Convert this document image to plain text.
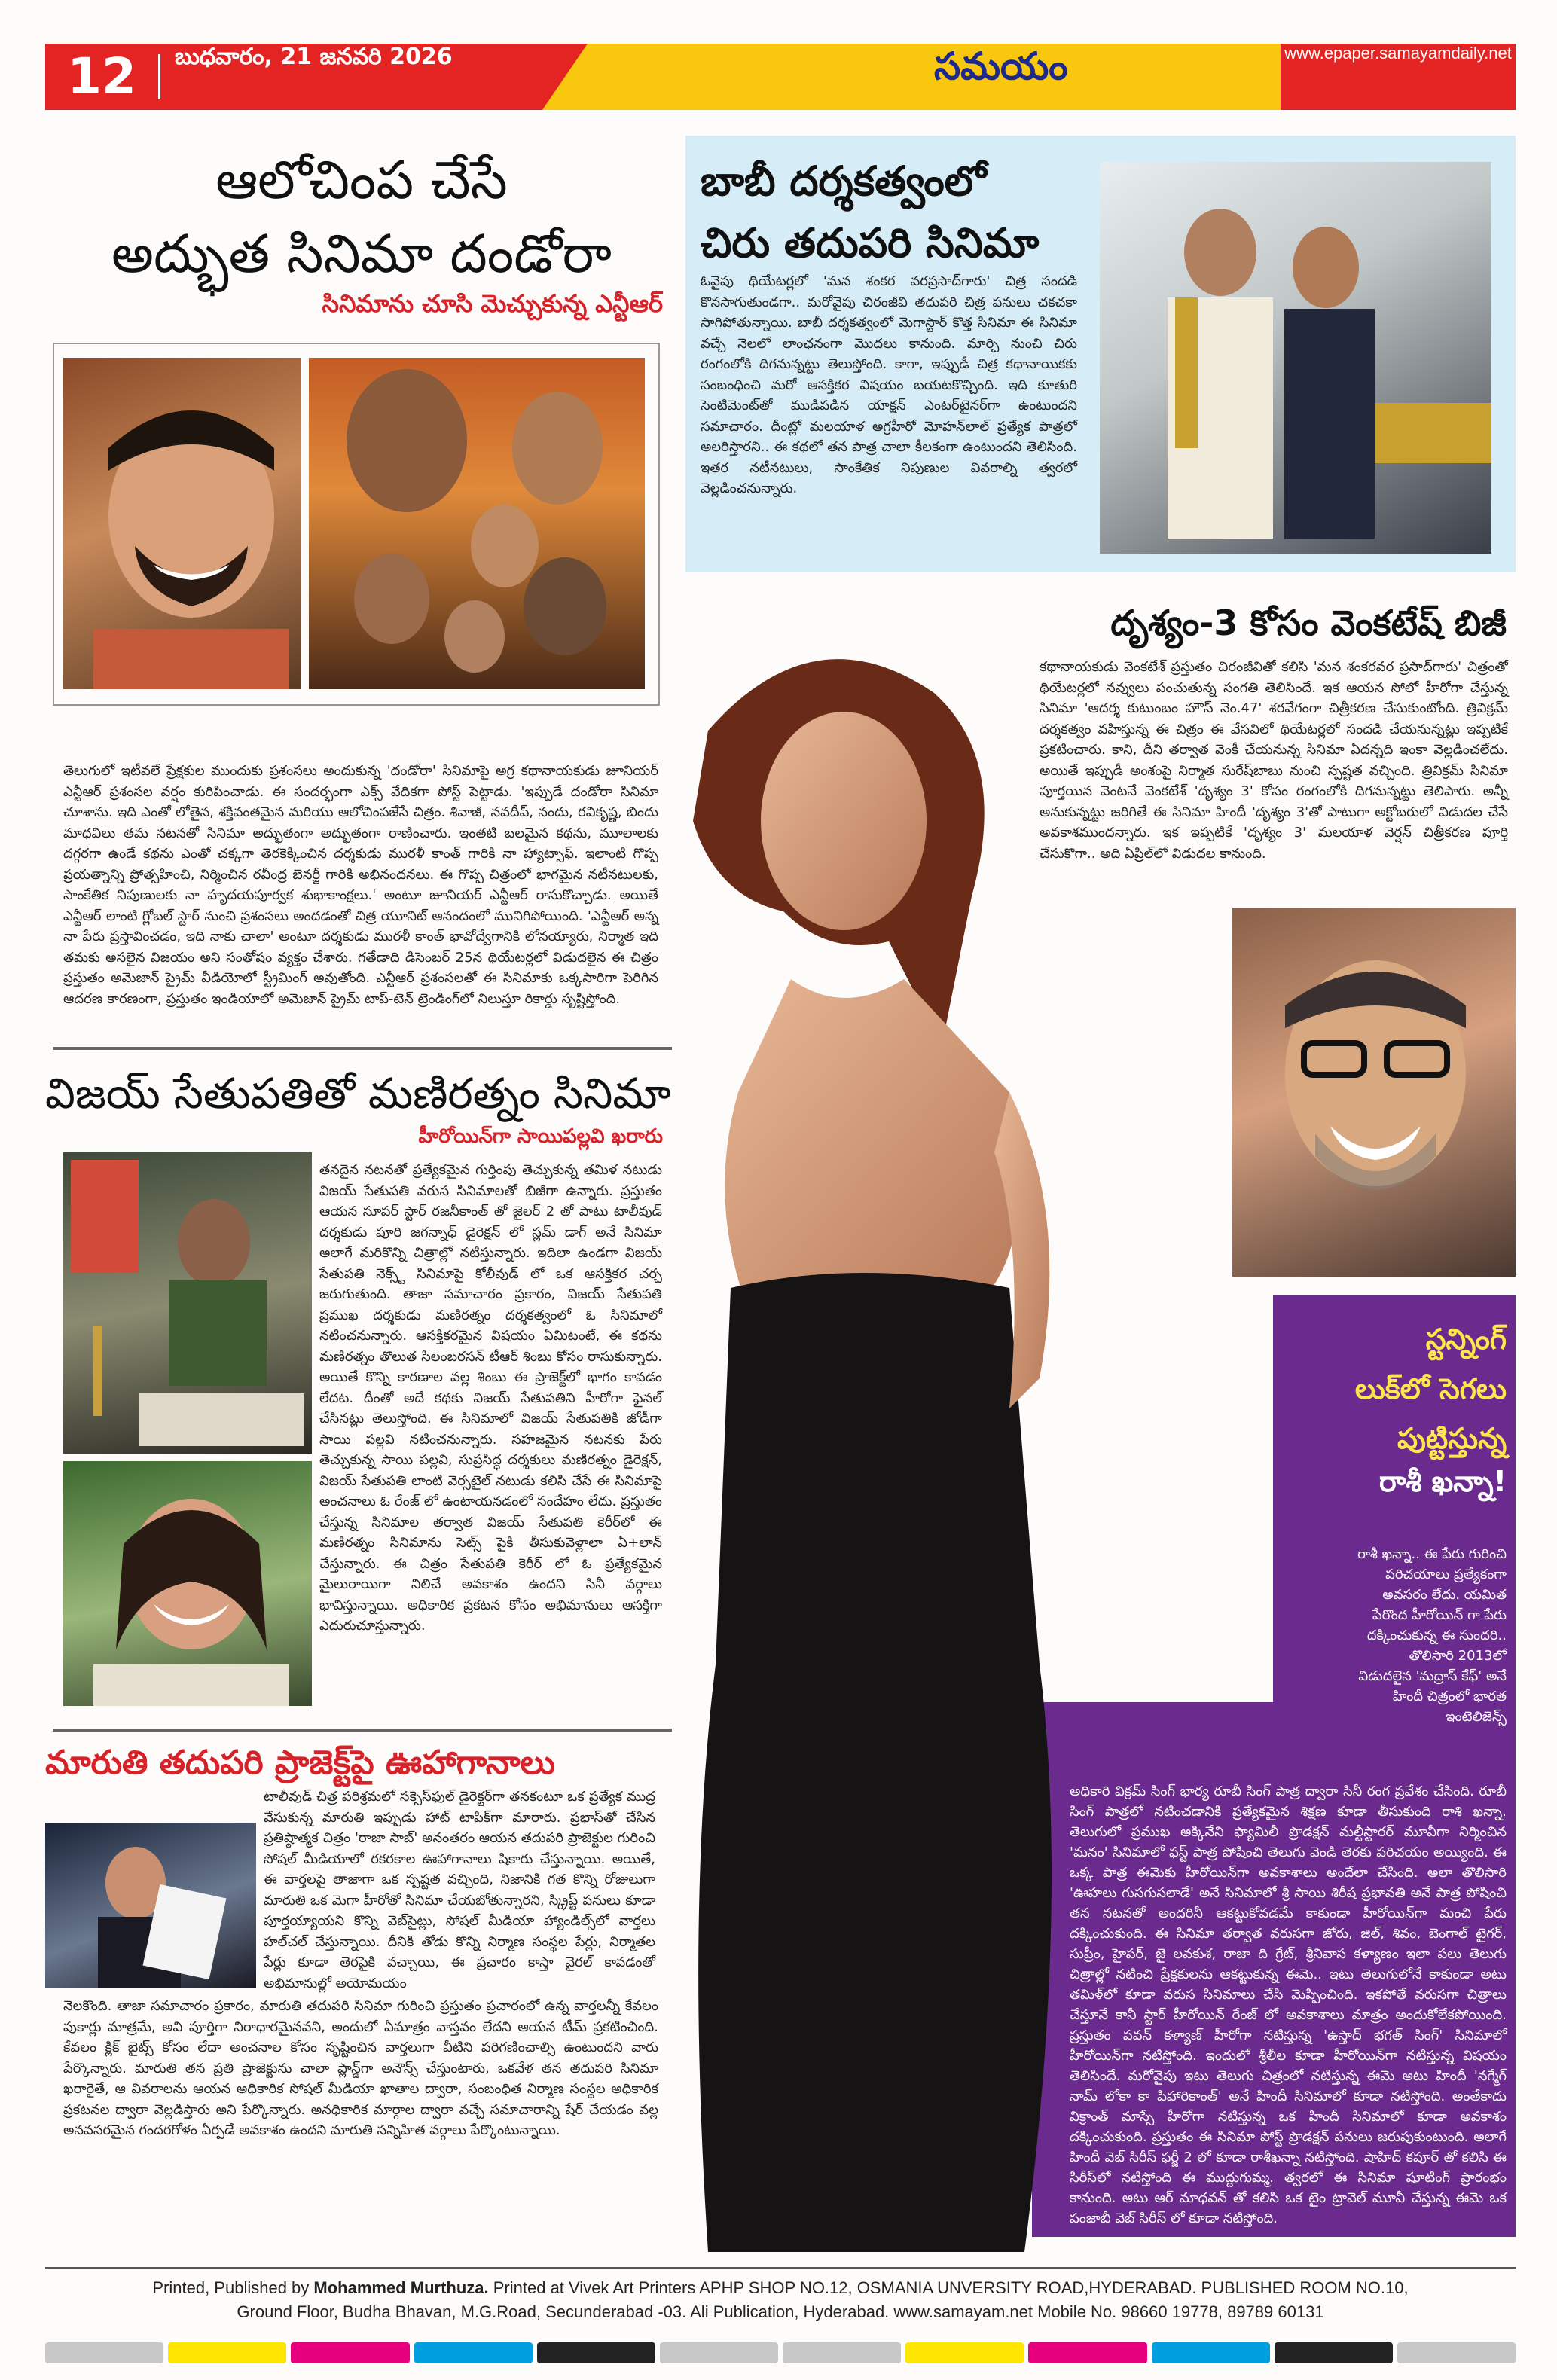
12	బుధవారం, 21 జనవరి 2026	సమయం	www.epaper.samayamdaily.net
ఆలోచింప చేసే
అద్భుత సినిమా దండోరా
సినిమాను చూసి మెచ్చుకున్న ఎన్టీఆర్
తెలుగులో ఇటీవలే ప్రేక్షకుల ముందుకు ప్రశంసలు అందుకున్న 'దండోరా' సినిమాపై అగ్ర కథానాయకుడు జూనియర్ ఎన్టీఆర్ ప్రశంసల వర్షం కురిపించాడు. ఈ సందర్భంగా ఎక్స్ వేదికగా పోస్ట్ పెట్టాడు. 'ఇప్పుడే దండోరా సినిమా చూశాను. ఇది ఎంతో లోతైన, శక్తివంతమైన మరియు ఆలోచింపజేసే చిత్రం. శివాజీ, నవదీప్, నందు, రవికృష్ణ, బిందు మాధవిలు తమ నటనతో సినిమా అద్భుతంగా అద్భుతంగా రాణించారు. ఇంతటి బలమైన కథను, మూలాలకు దగ్గరగా ఉండే కథను ఎంతో చక్కగా తెరకెక్కించిన దర్శకుడు మురళీ కాంత్ గారికి నా హ్యాట్సాఫ్. ఇలాంటి గొప్ప ప్రయత్నాన్ని ప్రోత్సహించి, నిర్మించిన రవీంద్ర బెనర్జీ గారికి అభినందనలు. ఈ గొప్ప చిత్రంలో భాగమైన నటీనటులకు, సాంకేతిక నిపుణులకు నా హృదయపూర్వక శుభాకాంక్షలు.' అంటూ జూనియర్ ఎన్టీఆర్ రాసుకొచ్చాడు. అయితే ఎన్టీఆర్ లాంటి గ్లోబల్ స్టార్ నుంచి ప్రశంసలు అందడంతో చిత్ర యూనిట్ ఆనందంలో మునిగిపోయింది. 'ఎన్టీఆర్ అన్న నా పేరు ప్రస్తావించడం, ఇది నాకు చాలా' అంటూ దర్శకుడు మురళీ కాంత్ భావోద్వేగానికి లోనయ్యారు, నిర్మాత ఇది తమకు అసలైన విజయం అని సంతోషం వ్యక్తం చేశారు. గతేడాది డిసెంబర్ 25న థియేటర్లలో విడుదలైన ఈ చిత్రం ప్రస్తుతం అమెజాన్ ప్రైమ్ వీడియోలో స్ట్రీమింగ్ అవుతోంది. ఎన్టీఆర్ ప్రశంసలతో ఈ సినిమాకు ఒక్కసారిగా పెరిగిన ఆదరణ కారణంగా, ప్రస్తుతం ఇండియాలో అమెజాన్ ప్రైమ్ టాప్-టెన్ ట్రెండింగ్‌లో నిలుస్తూ రికార్డు సృష్టిస్తోంది.
విజయ్ సేతుపతితో మణిరత్నం సినిమా
హీరోయిన్‌గా సాయిపల్లవి ఖరారు
తనదైన నటనతో ప్రత్యేకమైన గుర్తింపు తెచ్చుకున్న తమిళ నటుడు విజయ్ సేతుపతి వరుస సినిమాలతో బిజీగా ఉన్నారు. ప్రస్తుతం ఆయన సూపర్ స్టార్ రజనీకాంత్ తో జైలర్ 2 తో పాటు టాలీవుడ్ దర్శకుడు పూరి జగన్నాధ్ డైరెక్షన్ లో స్లమ్ డాగ్ అనే సినిమా అలాగే మరికొన్ని చిత్రాల్లో నటిస్తున్నారు. ఇదిలా ఉండగా విజయ్ సేతుపతి నెక్స్ట్ సినిమాపై కోలీవుడ్ లో ఒక ఆసక్తికర చర్చ జరుగుతుంది. తాజా సమాచారం ప్రకారం, విజయ్ సేతుపతి ప్రముఖ దర్శకుడు మణిరత్నం దర్శకత్వంలో ఓ సినిమాలో నటించనున్నారు. ఆసక్తికరమైన విషయం ఏమిటంటే, ఈ కథను మణిరత్నం తొలుత సిలంబరసన్ టీఆర్ శింబు కోసం రాసుకున్నారు. అయితే కొన్ని కారణాల వల్ల శింబు ఈ ప్రాజెక్ట్‌లో భాగం కావడం లేదట. దీంతో అదే కథకు విజయ్ సేతుపతిని హీరోగా ఫైనల్ చేసినట్లు తెలుస్తోంది. ఈ సినిమాలో విజయ్ సేతుపతికి జోడీగా సాయి పల్లవి నటించనున్నారు. సహజమైన నటనకు పేరు తెచ్చుకున్న సాయి పల్లవి, సుప్రసిద్ధ దర్శకులు మణిరత్నం డైరెక్షన్, విజయ్ సేతుపతి లాంటి వెర్సటైల్ నటుడు కలిసి చేసే ఈ సినిమాపై అంచనాలు ఓ రేంజ్ లో ఉంటాయనడంలో సందేహం లేదు. ప్రస్తుతం చేస్తున్న సినిమాల తర్వాత విజయ్ సేతుపతి కెరీర్‌లో ఈ మణిరత్నం సినిమాను సెట్స్ పైకి తీసుకువెళ్లాలా ఏ+లాన్ చేస్తున్నారు. ఈ చిత్రం సేతుపతి కెరీర్ లో ఓ ప్రత్యేకమైన మైలురాయిగా నిలిచే అవకాశం ఉందని సినీ వర్గాలు భావిస్తున్నాయి. అధికారిక ప్రకటన కోసం అభిమానులు ఆసక్తిగా ఎదురుచూస్తున్నారు.
మారుతి తదుపరి ప్రాజెక్ట్‌పై ఊహాగానాలు
టాలీవుడ్ చిత్ర పరిశ్రమలో సక్సెస్‌ఫుల్ డైరెక్టర్‌గా తనకంటూ ఒక ప్రత్యేక ముద్ర వేసుకున్న మారుతి ఇప్పుడు హాట్ టాపిక్‌గా మారారు. ప్రభాస్‌తో చేసిన ప్రతిష్ఠాత్మక చిత్రం 'రాజా సాబ్' అనంతరం ఆయన తదుపరి ప్రాజెక్టుల గురించి సోషల్ మీడియాలో రకరకాల ఊహాగానాలు షికారు చేస్తున్నాయి. అయితే, ఈ వార్తలపై తాజాగా ఒక స్పష్టత వచ్చింది, నిజానికి గత కొన్ని రోజులుగా మారుతి ఒక మెగా హీరోతో సినిమా చేయబోతున్నారని, స్క్రిప్ట్ పనులు కూడా పూర్తయ్యాయని కొన్ని వెబ్‌సైట్లు, సోషల్ మీడియా హ్యాండిల్స్‌లో వార్తలు హల్‌చల్ చేస్తున్నాయి. దీనికి తోడు కొన్ని నిర్మాణ సంస్థల పేర్లు, నిర్మాతల పేర్లు కూడా తెరపైకి వచ్చాయి, ఈ ప్రచారం కాస్తా వైరల్ కావడంతో అభిమానుల్లో అయోమయం
నెలకొంది. తాజా సమాచారం ప్రకారం, మారుతి తదుపరి సినిమా గురించి ప్రస్తుతం ప్రచారంలో ఉన్న వార్తలన్నీ కేవలం పుకార్లు మాత్రమే, అవి పూర్తిగా నిరాధారమైనవని, అందులో ఏమాత్రం వాస్తవం లేదని ఆయన టీమ్ ప్రకటించింది. కేవలం క్లిక్ బైట్స్ కోసం లేదా అంచనాల కోసం సృష్టించిన వార్తలుగా వీటిని పరిగణించాల్సి ఉంటుందని వారు పేర్కొన్నారు. మారుతి తన ప్రతి ప్రాజెక్టును చాలా ప్లాన్డ్‌గా అనౌన్స్ చేస్తుంటారు, ఒకవేళ తన తదుపరి సినిమా ఖరారైతే, ఆ వివరాలను ఆయన అధికారిక సోషల్ మీడియా ఖాతాల ద్వారా, సంబంధిత నిర్మాణ సంస్థల అధికారిక ప్రకటనల ద్వారా వెల్లడిస్తారు అని పేర్కొన్నారు. అనధికారిక మార్గాల ద్వారా వచ్చే సమాచారాన్ని షేర్ చేయడం వల్ల అనవసరమైన గందరగోళం ఏర్పడే అవకాశం ఉందని మారుతి సన్నిహిత వర్గాలు పేర్కొంటున్నాయి.
బాబీ దర్శకత్వంలో
చిరు తదుపరి సినిమా
ఓవైపు థియేటర్లలో 'మన శంకర వరప్రసాద్‌గారు' చిత్ర సందడి కొనసాగుతుండగా.. మరోవైపు చిరంజీవి తదుపరి చిత్ర పనులు చకచకా సాగిపోతున్నాయి. బాబీ దర్శకత్వంలో మెగాస్టార్ కొత్త సినిమా ఈ సినిమా వచ్చే నెలలో లాంఛనంగా మొదలు కానుంది. మార్చి నుంచి చిరు రంగంలోకి దిగనున్నట్టు తెలుస్తోంది. కాగా, ఇప్పుడీ చిత్ర కథానాయికకు సంబంధించి మరో ఆసక్తికర విషయం బయటకొచ్చింది. ఇది కూతురి సెంటిమెంట్‌తో ముడిపడిన యాక్షన్ ఎంటర్‌టైనర్‌గా ఉంటుందని సమాచారం. దీంట్లో మలయాళ అగ్రహీరో మోహన్‌లాల్ ప్రత్యేక పాత్రలో అలరిస్తారని.. ఈ కథలో తన పాత్ర చాలా కీలకంగా ఉంటుందని తెలిసింది. ఇతర నటీనటులు, సాంకేతిక నిపుణుల వివరాల్ని త్వరలో వెల్లడించనున్నారు.
దృశ్యం-3 కోసం వెంకటేష్ బిజీ
కథానాయకుడు వెంకటేశ్ ప్రస్తుతం చిరంజీవితో కలిసి 'మన శంకరవర ప్రసాద్‌గారు' చిత్రంతో థియేటర్లలో నవ్వులు పంచుతున్న సంగతి తెలిసిందే. ఇక ఆయన సోలో హీరోగా చేస్తున్న సినిమా 'ఆదర్శ కుటుంబం హౌస్ నెం.47' శరవేగంగా చిత్రీకరణ చేసుకుంటోంది. త్రివిక్రమ్ దర్శకత్వం వహిస్తున్న ఈ చిత్రం ఈ వేసవిలో థియేటర్లలో సందడి చేయనున్నట్లు ఇప్పటికే ప్రకటించారు. కాని, దీని తర్వాత వెంకీ చేయనున్న సినిమా ఏదన్నది ఇంకా వెల్లడించలేదు. అయితే ఇప్పుడీ అంశంపై నిర్మాత సురేష్‌బాబు నుంచి స్పష్టత వచ్చింది. త్రివిక్రమ్ సినిమా పూర్తయిన వెంటనే వెంకటేశ్ 'దృశ్యం 3' కోసం రంగంలోకి దిగనున్నట్టు తెలిపారు. అన్నీ అనుకున్నట్టు జరిగితే ఈ సినిమా హిందీ 'దృశ్యం 3'తో పాటుగా అక్టోబరులో విడుదల చేసే అవకాశముందన్నారు. ఇక ఇప్పటికే 'దృశ్యం 3' మలయాళ వెర్షన్ చిత్రీకరణ పూర్తి చేసుకొగా.. అది ఏప్రిల్‌లో విడుదల కానుంది.
స్టన్నింగ్
లుక్‌లో సెగలు
పుట్టిస్తున్న
రాశీ ఖన్నా!
రాశీ ఖన్నా.. ఈ పేరు గురించి పరిచయాలు ప్రత్యేకంగా అవసరం లేదు. యమిత పేరొంద హీరోయిన్ గా పేరు దక్కించుకున్న ఈ సుందరి.. తొలిసారి 2013లో విడుదలైన 'మద్రాస్ కేఫ్' అనే హిందీ చిత్రంలో భారత ఇంటెలిజెన్స్
అధికారి విక్రమ్ సింగ్ భార్య రూబీ సింగ్ పాత్ర ద్వారా సినీ రంగ ప్రవేశం చేసింది. రూబీ సింగ్ పాత్రలో నటించడానికి ప్రత్యేకమైన శిక్షణ కూడా తీసుకుంది రాశి ఖన్నా. తెలుగులో ప్రముఖ అక్కినేని ఫ్యామిలీ ప్రొడక్షన్ మల్టీస్టారర్ మూవీగా నిర్మించిన 'మనం' సినిమాలో ఫస్ట్ పాత్ర పోషించి తెలుగు వెండి తెరకు పరిచయం అయ్యింది. ఈ ఒక్క పాత్ర ఈమెకు హీరోయిన్‌గా అవకాశాలు అందేలా చేసింది. అలా తొలిసారి 'ఊహలు గుసగుసలాడే' అనే సినిమాలో శ్రీ సాయి శిరీష ప్రభావతి అనే పాత్ర పోషించి తన నటనతో అందరినీ ఆకట్టుకోవడమే కాకుండా హీరోయిన్‌గా మంచి పేరు దక్కించుకుంది. ఈ సినిమా తర్వాత వరుసగా జోరు, జిల్, శివం, బెంగాల్ టైగర్, సుప్రీం, హైపర్, జై లవకుశ, రాజా ది గ్రేట్, శ్రీనివాస కళ్యాణం ఇలా పలు తెలుగు చిత్రాల్లో నటించి ప్రేక్షకులను ఆకట్టుకున్న ఈమె.. ఇటు తెలుగులోనే కాకుండా అటు తమిళ్‌లో కూడా వరుస సినిమాలు చేసి మెప్పించింది. ఇకపోతే వరుసగా చిత్రాలు చేస్తూనే కానీ స్టార్ హీరోయిన్ రేంజ్ లో అవకాశాలు మాత్రం అందుకోలేకపోయింది. ప్రస్తుతం పవన్ కళ్యాణ్ హీరోగా నటిస్తున్న 'ఉస్తాద్ భగత్ సింగ్' సినిమాలో హీరోయిన్‌గా నటిస్తోంది. ఇందులో శ్రీలీల కూడా హీరోయిన్‌గా నటిస్తున్న విషయం తెలిసిందే. మరోవైపు ఇటు తెలుగు చిత్రంలో నటిస్తున్న ఈమె అటు హిందీ 'నగ్మేగ్ నామ్ లోకా కా పిహారికాంత్' అనే హిందీ సినిమాలో కూడా నటిస్తోంది. అంతేకాదు విక్రాంత్ మాస్సే హీరోగా నటిస్తున్న ఒక హిందీ సినిమాలో కూడా అవకాశం దక్కించుకుంది. ప్రస్తుతం ఈ సినిమా పోస్ట్ ప్రొడక్షన్ పనులు జరుపుకుంటుంది. అలాగే హిందీ వెబ్ సిరీస్ ఫర్జీ 2 లో కూడా రాశీఖన్నా నటిస్తోంది. షాహిద్ కపూర్ తో కలిసి ఈ సిరీస్‌లో నటిస్తోంది ఈ ముద్దుగుమ్మ. త్వరలో ఈ సినిమా షూటింగ్ ప్రారంభం కానుంది. అటు ఆర్ మాధవన్ తో కలిసి ఒక టైం ట్రావెల్ మూవీ చేస్తున్న ఈమె ఒక పంజాబీ వెబ్ సిరీస్ లో కూడా నటిస్తోంది.
Printed, Published by Mohammed Murthuza. Printed at Vivek Art Printers APHP SHOP NO.12, OSMANIA UNVERSITY ROAD,HYDERABAD. PUBLISHED ROOM NO.10,
Ground Floor, Budha Bhavan, M.G.Road, Secunderabad -03. Ali Publication, Hyderabad. www.samayam.net Mobile No. 98660 19778, 89789 60131
